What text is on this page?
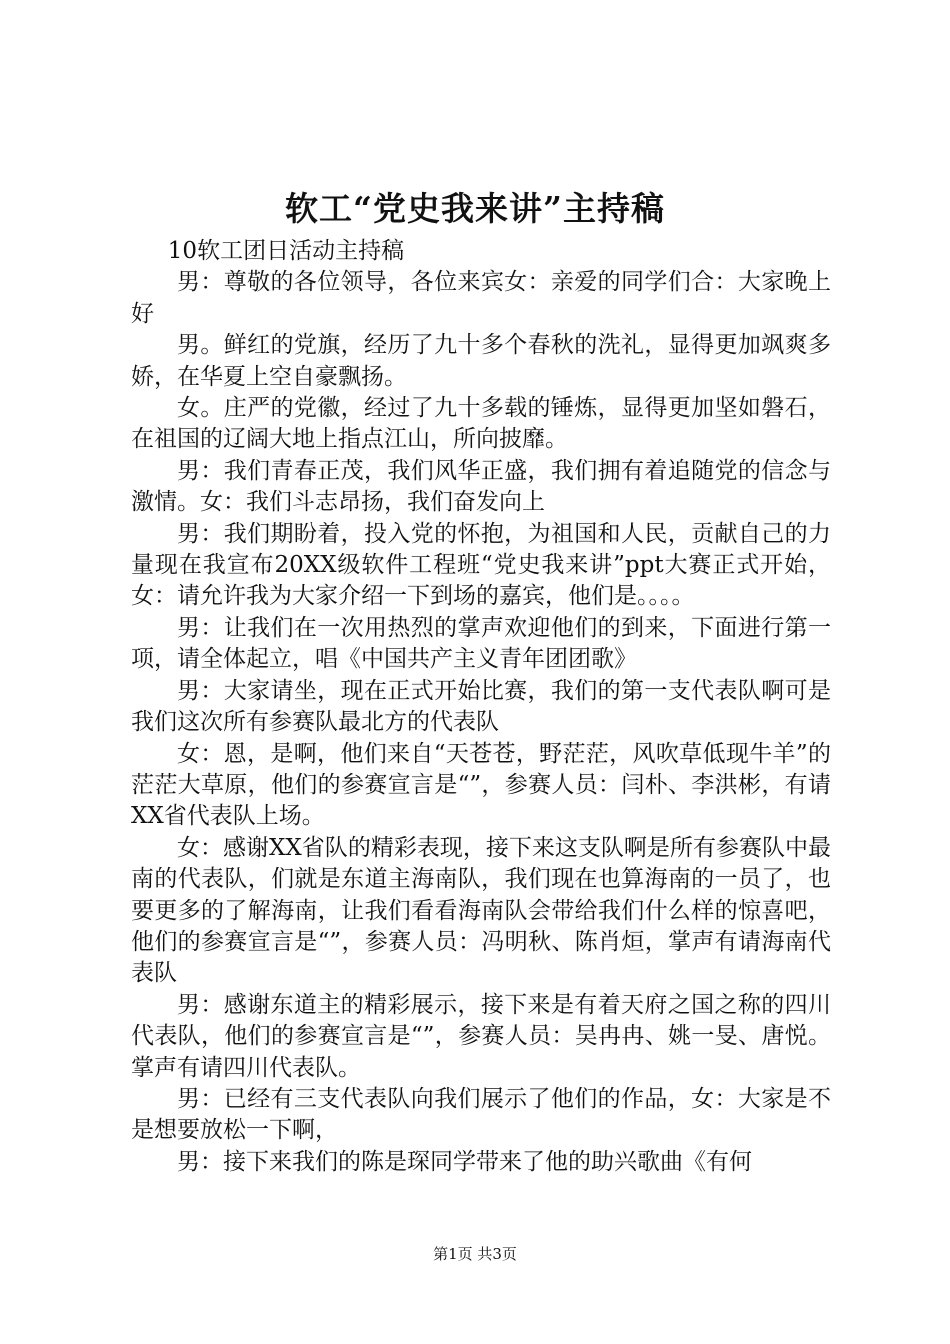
软工“党史我来讲”主持稿

10软工团日活动主持稿

男：尊敬的各位领导，各位来宾女：亲爱的同学们合：大家晚上好

男。鲜红的党旗，经历了九十多个春秋的洗礼，显得更加飒爽多娇，在华夏上空自豪飘扬。

女。庄严的党徽，经过了九十多载的锤炼，显得更加坚如磐石，在祖国的辽阔大地上指点江山，所向披靡。

男：我们青春正茂，我们风华正盛，我们拥有着追随党的信念与激情。女：我们斗志昂扬，我们奋发向上

男：我们期盼着，投入党的怀抱，为祖国和人民，贡献自己的力量现在我宣布20XX级软件工程班“党史我来讲”ppt大赛正式开始，女：请允许我为大家介绍一下到场的嘉宾，他们是。。。。

男：让我们在一次用热烈的掌声欢迎他们的到来，下面进行第一项，请全体起立，唱《中国共产主义青年团团歌》

男：大家请坐，现在正式开始比赛，我们的第一支代表队啊可是我们这次所有参赛队最北方的代表队

女：恩，是啊，他们来自“天苍苍，野茫茫，风吹草低现牛羊”的茫茫大草原，他们的参赛宣言是“”，参赛人员：闫朴、李洪彬，有请XX省代表队上场。

女：感谢XX省队的精彩表现，接下来这支队啊是所有参赛队中最南的代表队，们就是东道主海南队，我们现在也算海南的一员了，也要更多的了解海南，让我们看看海南队会带给我们什么样的惊喜吧，他们的参赛宣言是“”，参赛人员：冯明秋、陈肖烜，掌声有请海南代表队

男：感谢东道主的精彩展示，接下来是有着天府之国之称的四川代表队，他们的参赛宣言是“”，参赛人员：吴冉冉、姚一旻、唐悦。掌声有请四川代表队。

男：已经有三支代表队向我们展示了他们的作品，女：大家是不是想要放松一下啊，

男：接下来我们的陈是琛同学带来了他的助兴歌曲《有何

第1页 共3页
